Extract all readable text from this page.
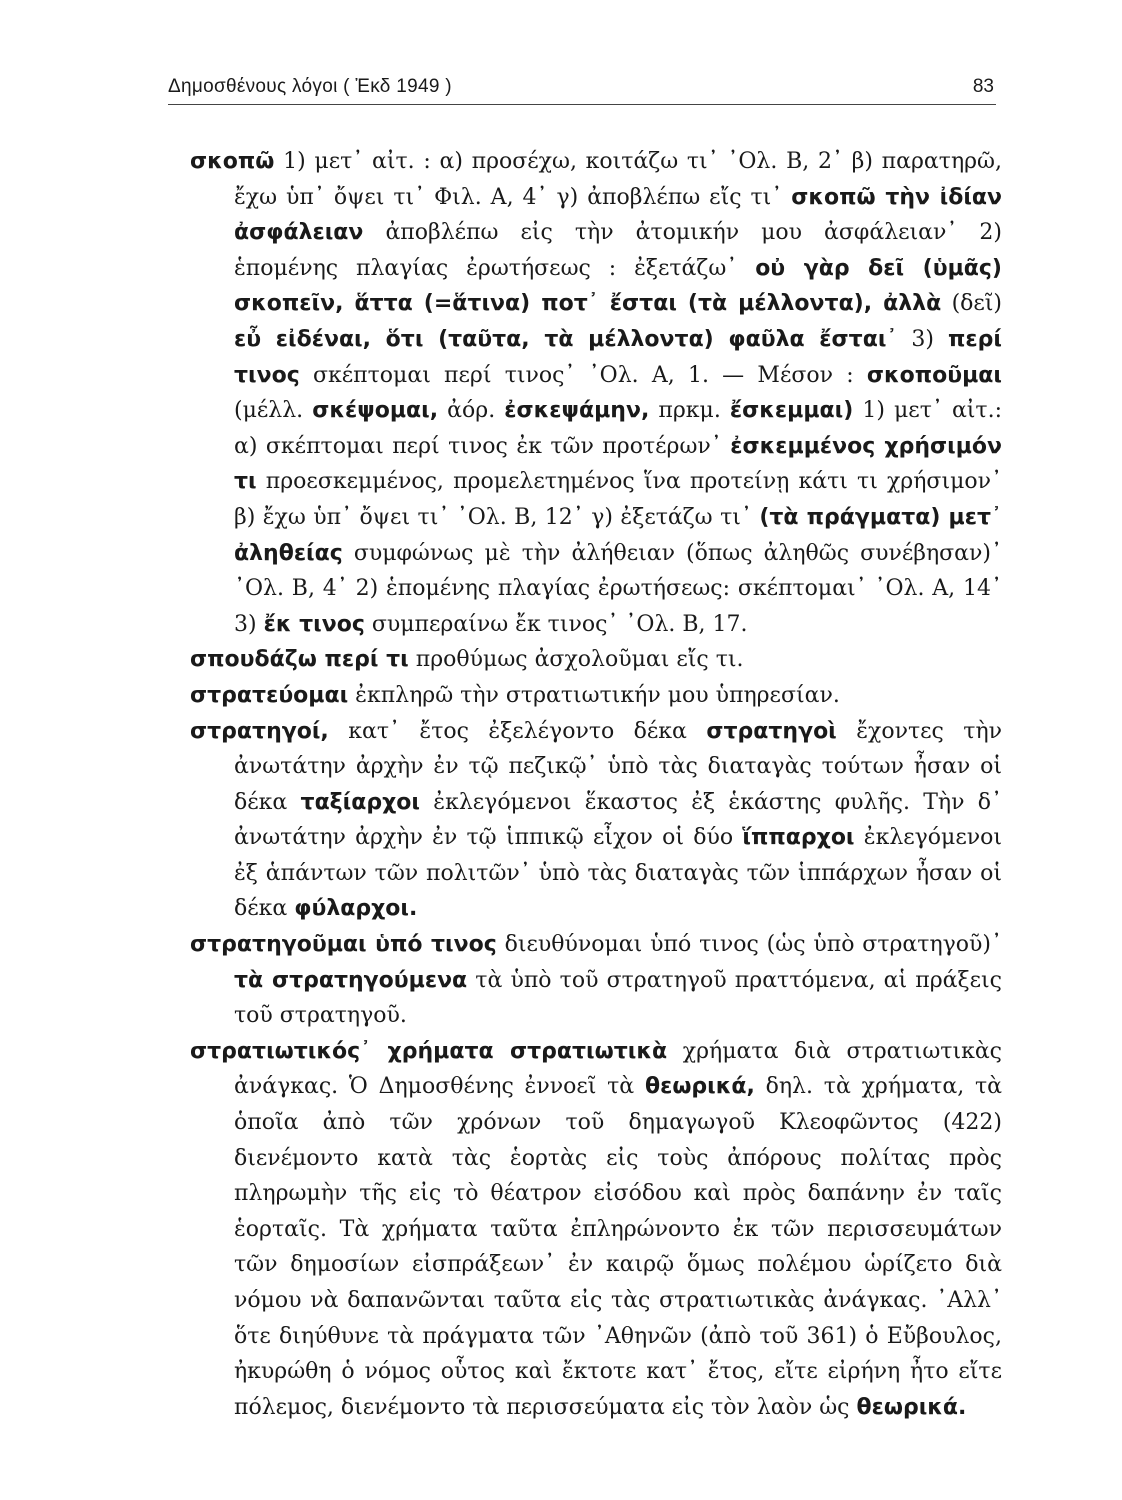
Δημοσθένους λόγοι ( Ἐκδ 1949 )	83

σκοπῶ 1) μετ᾽ αἰτ. : α) προσέχω, κοιτάζω τι᾽ ᾽Ολ. Β, 2᾽ β) παρατηρῶ, ἔχω ὑπ᾽ ὄψει τι᾽ Φιλ. Α, 4᾽ γ) ἀποβλέπω εἴς τι᾽ σκοπῶ τὴν ἰδίαν ἀσφάλειαν ἀποβλέπω εἰς τὴν ἀτομικήν μου ἀσφάλειαν᾽ 2) ἑπομένης πλαγίας ἐρωτήσεως : ἐξετάζω᾽ οὐ γὰρ δεῖ (ὑμᾶς) σκοπεῖν, ἅττα (=ἅτινα) ποτ᾽ ἔσται (τὰ μέλλοντα), ἀλλὰ (δεῖ) εὖ εἰδέναι, ὅτι (ταῦτα, τὰ μέλλοντα) φαῦλα ἔσται᾽ 3) περί τινος σκέπτομαι περί τινος᾽ ᾽Ολ. Α, 1. — Μέσον : σκοποῦμαι (μέλλ. σκέψομαι, ἀόρ. ἐσκεψάμην, πρκμ. ἔσκεμμαι) 1) μετ᾽ αἰτ.: α) σκέπτομαι περί τινος ἐκ τῶν προτέρων᾽ ἐσκεμμένος χρήσιμόν τι προεσκεμμένος, προμελετημένος ἵνα προτείνῃ κάτι τι χρήσιμον᾽ β) ἔχω ὑπ᾽ ὄψει τι᾽ ᾽Ολ. Β, 12᾽ γ) ἐξετάζω τι᾽ (τὰ πράγματα) μετ᾽ ἀληθείας συμφώνως μὲ τὴν ἀλήθειαν (ὅπως ἀληθῶς συνέβησαν)᾽ ᾽Ολ. Β, 4᾽ 2) ἑπομένης πλαγίας ἐρωτήσεως: σκέπτομαι᾽ ᾽Ολ. Α, 14᾽ 3) ἔκ τινος συμπεραίνω ἔκ τινος᾽ ᾽Ολ. Β, 17.

σπουδάζω περί τι προθύμως ἀσχολοῦμαι εἴς τι.

στρατεύομαι ἐκπληρῶ τὴν στρατιωτικήν μου ὑπηρεσίαν.

στρατηγοί, κατ᾽ ἔτος ἐξελέγοντο δέκα στρατηγοὶ ἔχοντες τὴν ἀνωτάτην ἀρχὴν ἐν τῷ πεζικῷ᾽ ὑπὸ τὰς διαταγὰς τούτων ἦσαν οἱ δέκα ταξίαρχοι ἐκλεγόμενοι ἕκαστος ἐξ ἑκάστης φυλῆς. Τὴν δ᾽ ἀνωτάτην ἀρχὴν ἐν τῷ ἱππικῷ εἶχον οἱ δύο ἵππαρχοι ἐκλεγόμενοι ἐξ ἁπάντων τῶν πολιτῶν᾽ ὑπὸ τὰς διαταγὰς τῶν ἱππάρχων ἦσαν οἱ δέκα φύλαρχοι.

στρατηγοῦμαι ὑπό τινος διευθύνομαι ὑπό τινος (ὡς ὑπὸ στρατηγοῦ)᾽ τὰ στρατηγούμενα τὰ ὑπὸ τοῦ στρατηγοῦ πραττόμενα, αἱ πράξεις τοῦ στρατηγοῦ.

στρατιωτικός᾽ χρήματα στρατιωτικὰ χρήματα διὰ στρατιωτικὰς ἀνάγκας. Ὁ Δημοσθένης ἐννοεῖ τὰ θεωρικά, δηλ. τὰ χρήματα, τὰ ὁποῖα ἀπὸ τῶν χρόνων τοῦ δημαγωγοῦ Κλεοφῶντος (422) διενέμοντο κατὰ τὰς ἑορτὰς εἰς τοὺς ἀπόρους πολίτας πρὸς πληρωμὴν τῆς εἰς τὸ θέατρον εἰσόδου καὶ πρὸς δαπάνην ἐν ταῖς ἑορταῖς. Τὰ χρήματα ταῦτα ἐπληρώνοντο ἐκ τῶν περισσευμάτων τῶν δημοσίων εἰσπράξεων᾽ ἐν καιρῷ ὅμως πολέμου ὡρίζετο διὰ νόμου νὰ δαπανῶνται ταῦτα εἰς τὰς στρατιωτικὰς ἀνάγκας. ᾽Αλλ᾽ ὅτε διηύθυνε τὰ πράγματα τῶν ᾽Αθηνῶν (ἀπὸ τοῦ 361) ὁ Εὔβουλος, ἠκυρώθη ὁ νόμος οὗτος καὶ ἔκτοτε κατ᾽ ἔτος, εἴτε εἰρήνη ἦτο εἴτε πόλεμος, διενέμοντο τὰ περισσεύματα εἰς τὸν λαὸν ὡς θεωρικά.
